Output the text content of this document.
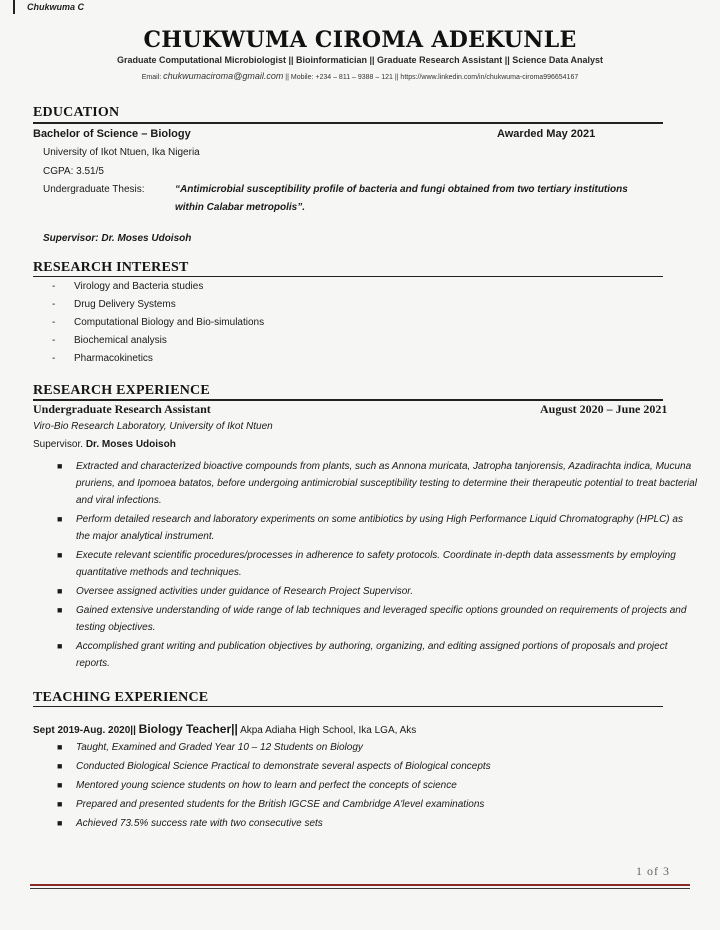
Chukwuma C
CHUKWUMA CIROMA ADEKUNLE
Graduate Computational Microbiologist || Bioinformatician || Graduate Research Assistant || Science Data Analyst
Email: chukwumaciroma@gmail.com || Mobile: +234 – 811 – 9388 – 121 || https://www.linkedin.com/in/chukwuma-ciroma996654167
EDUCATION
Bachelor of Science – Biology	Awarded May 2021
University of Ikot Ntuen, Ika Nigeria
CGPA: 3.51/5
Undergraduate Thesis:	“Antimicrobial susceptibility profile of bacteria and fungi obtained from two tertiary institutions
within Calabar metropolis”.
Supervisor: Dr. Moses Udoisoh
RESEARCH INTEREST
- Virology and Bacteria studies
- Drug Delivery Systems
- Computational Biology and Bio-simulations
- Biochemical analysis
- Pharmacokinetics
RESEARCH EXPERIENCE
Undergraduate Research Assistant	August 2020 – June 2021
Viro-Bio Research Laboratory, University of Ikot Ntuen
Supervisor. Dr. Moses Udoisoh
■ Extracted and characterized bioactive compounds from plants, such as Annona muricata, Jatropha tanjorensis, Azadirachta indica, Mucuna pruriens, and Ipomoea batatos, before undergoing antimicrobial susceptibility testing to determine their therapeutic potential to treat bacterial and viral infections.
■ Perform detailed research and laboratory experiments on some antibiotics by using High Performance Liquid Chromatography (HPLC) as the major analytical instrument.
■ Execute relevant scientific procedures/processes in adherence to safety protocols. Coordinate in-depth data assessments by employing quantitative methods and techniques.
■ Oversee assigned activities under guidance of Research Project Supervisor.
■ Gained extensive understanding of wide range of lab techniques and leveraged specific options grounded on requirements of projects and testing objectives.
■ Accomplished grant writing and publication objectives by authoring, organizing, and editing assigned portions of proposals and project reports.
TEACHING EXPERIENCE
Sept 2019-Aug. 2020|| Biology Teacher|| Akpa Adiaha High School, Ika LGA, Aks
■ Taught, Examined and Graded Year 10 – 12 Students on Biology
■ Conducted Biological Science Practical to demonstrate several aspects of Biological concepts
■ Mentored young science students on how to learn and perfect the concepts of science
■ Prepared and presented students for the British IGCSE and Cambridge A'level examinations
■ Achieved 73.5% success rate with two consecutive sets
1 of 3
